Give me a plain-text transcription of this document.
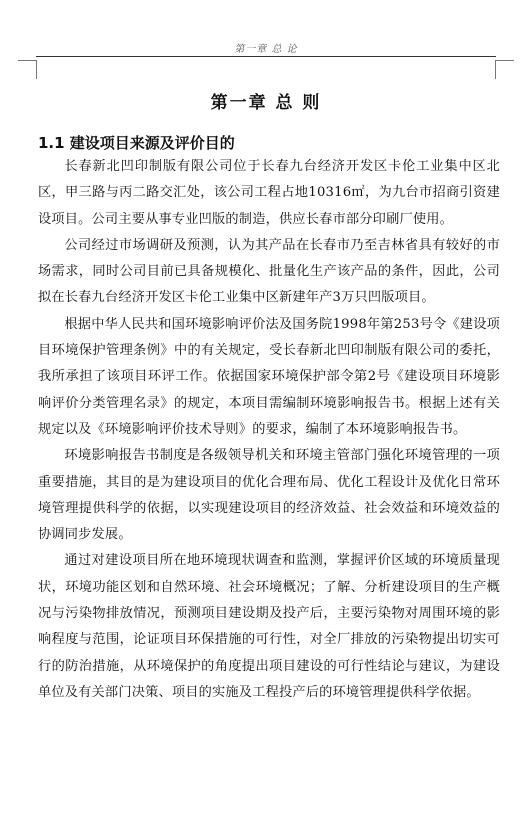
第一章 总 论
第一章 总 则
1.1 建设项目来源及评价目的

长春新北凹印制版有限公司位于长春九台经济开发区卡伦工业集中区北区，甲三路与丙二路交汇处，该公司工程占地10316㎡，为九台市招商引资建设项目。公司主要从事专业凹版的制造，供应长春市部分印刷厂使用。

公司经过市场调研及预测，认为其产品在长春市乃至吉林省具有较好的市场需求，同时公司目前已具备规模化、批量化生产该产品的条件，因此，公司拟在长春九台经济开发区卡伦工业集中区新建年产3万只凹版项目。

根据中华人民共和国环境影响评价法及国务院1998年第253号令《建设项目环境保护管理条例》中的有关规定，受长春新北凹印制版有限公司的委托，我所承担了该项目环评工作。依据国家环境保护部令第2号《建设项目环境影响评价分类管理名录》的规定，本项目需编制环境影响报告书。根据上述有关规定以及《环境影响评价技术导则》的要求，编制了本环境影响报告书。

环境影响报告书制度是各级领导机关和环境主管部门强化环境管理的一项重要措施，其目的是为建设项目的优化合理布局、优化工程设计及优化日常环境管理提供科学的依据，以实现建设项目的经济效益、社会效益和环境效益的协调同步发展。

通过对建设项目所在地环境现状调查和监测，掌握评价区域的环境质量现状，环境功能区划和自然环境、社会环境概况；了解、分析建设项目的生产概况与污染物排放情况，预测项目建设期及投产后，主要污染物对周围环境的影响程度与范围，论证项目环保措施的可行性，对全厂排放的污染物提出切实可行的防治措施，从环境保护的角度提出项目建设的可行性结论与建议，为建设单位及有关部门决策、项目的实施及工程投产后的环境管理提供科学依据。
